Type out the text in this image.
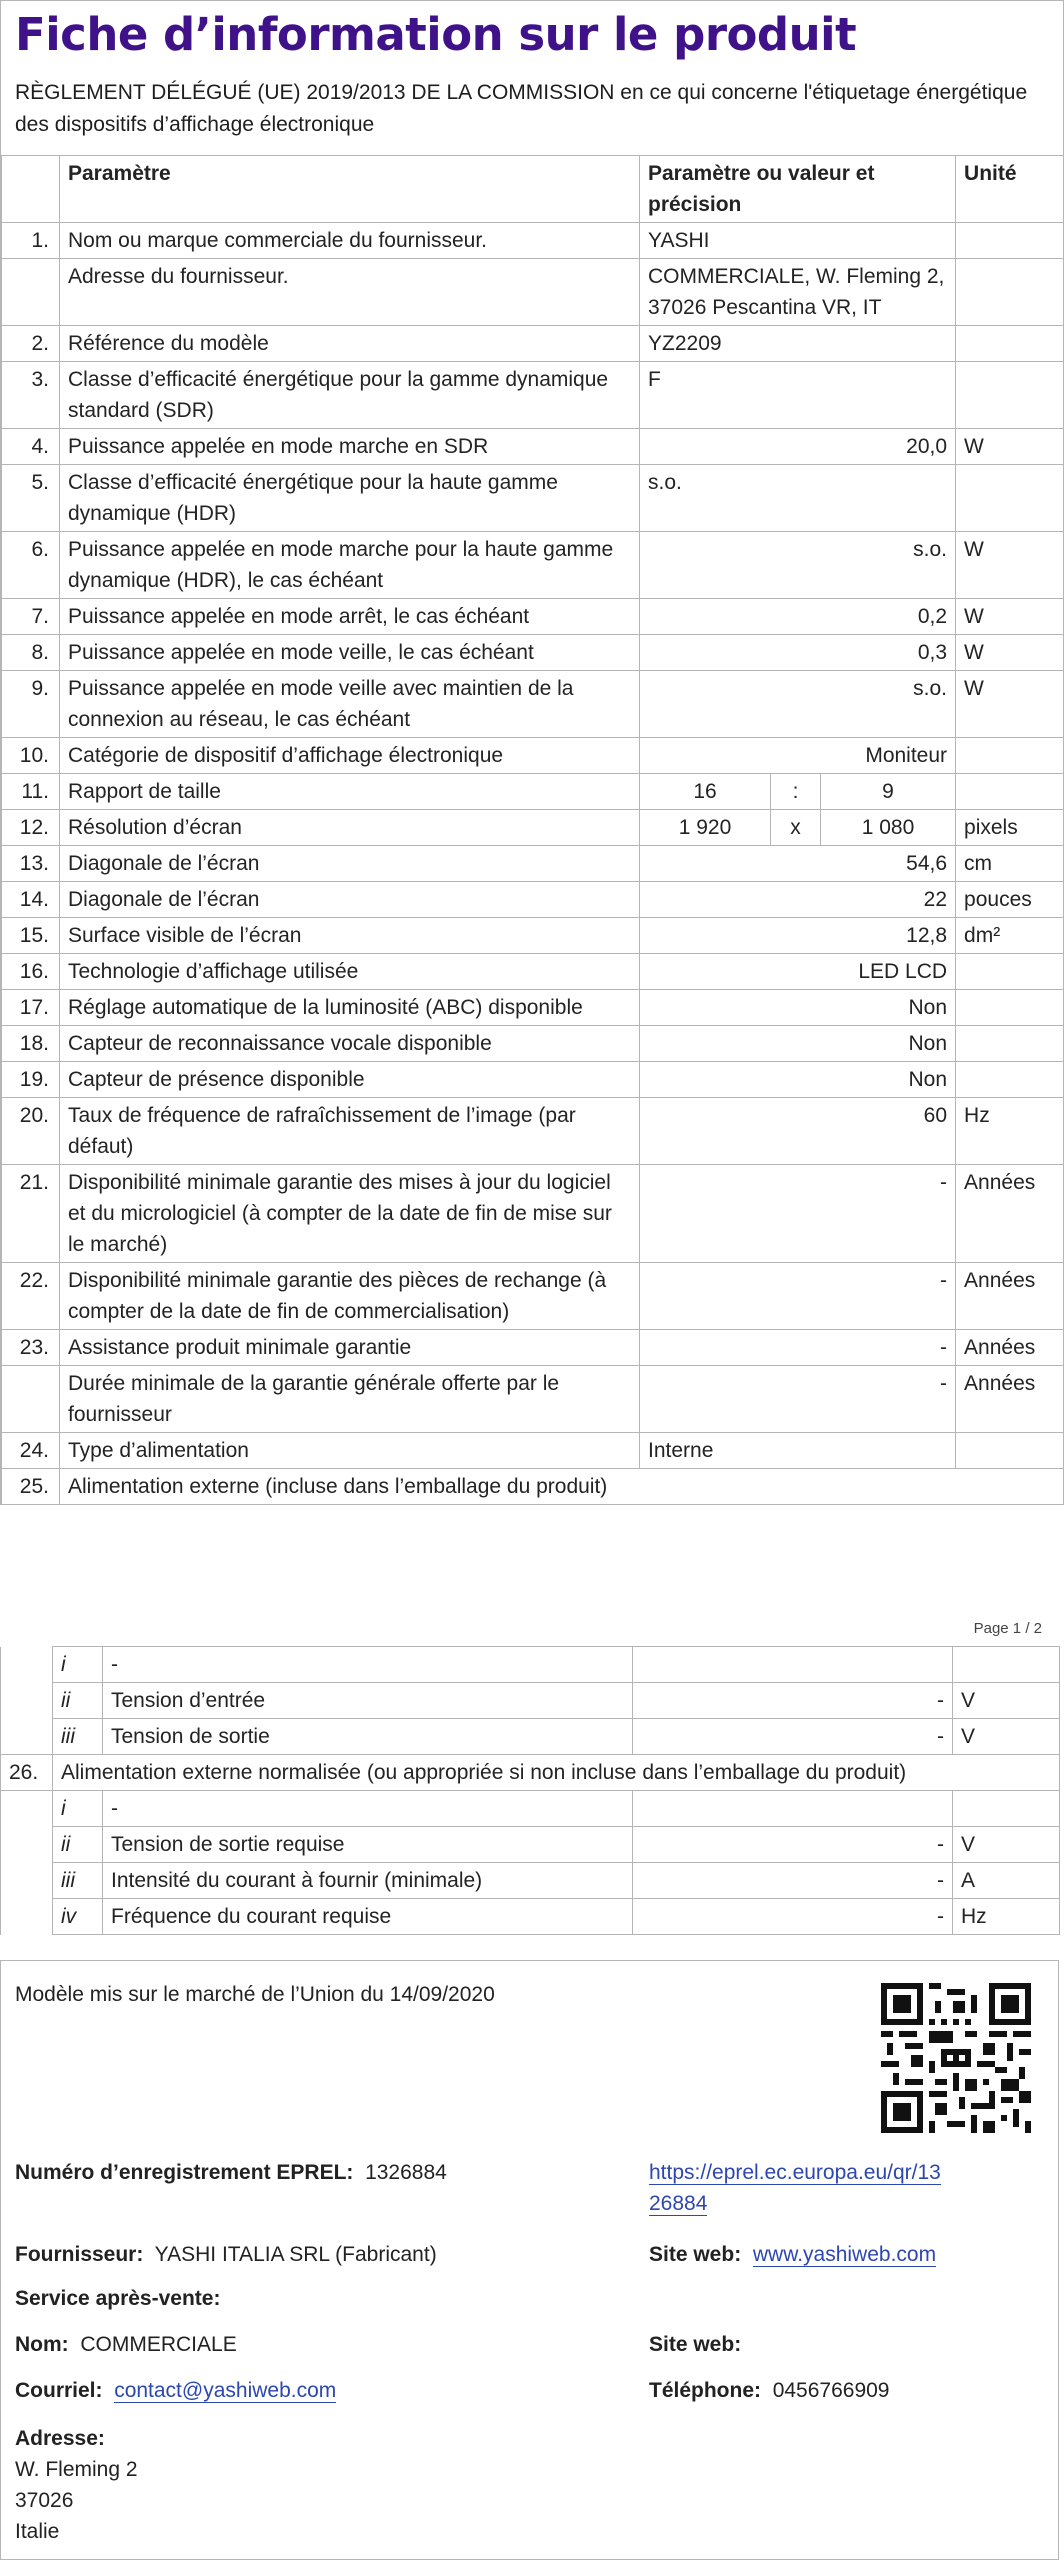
Fiche d’information sur le produit
RÈGLEMENT DÉLÉGUÉ (UE) 2019/2013 DE LA COMMISSION en ce qui concerne l'étiquetage énergétique des dispositifs d’affichage électronique
	Paramètre	Paramètre ou valeur et précision			Unité
1.	Nom ou marque commerciale du fournisseur.	YASHI			
	Adresse du fournisseur.	COMMERCIALE, W. Fleming 2, 37026 Pescantina VR, IT			
2.	Référence du modèle	YZ2209			
3.	Classe d’efficacité énergétique pour la gamme dynamique standard (SDR)	F			
4.	Puissance appelée en mode marche en SDR	20,0			W
5.	Classe d’efficacité énergétique pour la haute gamme dynamique (HDR)	s.o.			
6.	Puissance appelée en mode marche pour la haute gamme dynamique (HDR), le cas échéant	s.o.			W
7.	Puissance appelée en mode arrêt, le cas échéant	0,2			W
8.	Puissance appelée en mode veille, le cas échéant	0,3			W
9.	Puissance appelée en mode veille avec maintien de la connexion au réseau, le cas échéant	s.o.			W
10.	Catégorie de dispositif d’affichage électronique	Moniteur			
11.	Rapport de taille	16	:	9	
12.	Résolution d’écran	1 920	x	1 080	pixels
13.	Diagonale de l’écran	54,6			cm
14.	Diagonale de l’écran	22			pouces
15.	Surface visible de l’écran	12,8			dm²
16.	Technologie d’affichage utilisée	LED LCD			
17.	Réglage automatique de la luminosité (ABC) disponible	Non			
18.	Capteur de reconnaissance vocale disponible	Non			
19.	Capteur de présence disponible	Non			
20.	Taux de fréquence de rafraîchissement de l’image (par défaut)	60			Hz
21.	Disponibilité minimale garantie des mises à jour du logiciel et du micrologiciel (à compter de la date de fin de mise sur le marché)	-			Années
22.	Disponibilité minimale garantie des pièces de rechange (à compter de la date de fin de commercialisation)	-			Années
23.	Assistance produit minimale garantie	-			Années
	Durée minimale de la garantie générale offerte par le fournisseur	-			Années
24.	Type d’alimentation	Interne			
25.	Alimentation externe (incluse dans l’emballage du produit)				
Page 1 / 2
	i	-		
	ii	Tension d’entrée	-	V
	iii	Tension de sortie	-	V
26.	Alimentation externe normalisée (ou appropriée si non incluse dans l’emballage du produit)			
	i	-		
	ii	Tension de sortie requise	-	V
	iii	Intensité du courant à fournir (minimale)	-	A
	iv	Fréquence du courant requise	-	Hz
Modèle mis sur le marché de l’Union du 14/09/2020
Numéro d’enregistrement EPREL: 1326884	https://eprel.ec.europa.eu/qr/13
26884
Fournisseur: YASHI ITALIA SRL (Fabricant)	Site web: www.yashiweb.com
Service après-vente:
Nom: COMMERCIALE	Site web:
Courriel: contact@yashiweb.com	Téléphone: 0456766909
Adresse:
W. Fleming 2
37026
Italie
